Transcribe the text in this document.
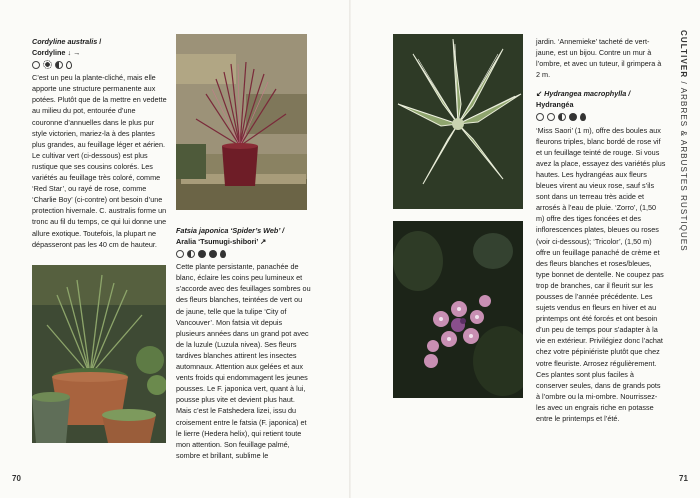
Cordyline australis /
Cordyline ↓ →

C’est un peu la plante-cliché, mais elle apporte une structure permanente aux potées. Plutôt que de la mettre en vedette au milieu du pot, entourée d’une couronne d’annuelles dans le plus pur style victorien, mariez-la à des plantes plus grandes, au feuillage léger et aérien. Le cultivar vert (ci-dessous) est plus rustique que ses cousins colorés. Les variétés au feuillage très coloré, comme ‘Red Star’, ou rayé de rose, comme ‘Charlie Boy’ (ci-contre) ont besoin d’une protection hivernale. C. australis forme un tronc au fil du temps, ce qui lui donne une allure exotique. Toutefois, la plupart ne dépasseront pas les 40 cm de hauteur.

Fatsia japonica ‘Spider’s Web’ /
Aralia ‘Tsumugi-shibori’ ↗

Cette plante persistante, panachée de blanc, éclaire les coins peu lumineux et s’accorde avec des feuillages sombres ou des fleurs blanches, teintées de vert ou de jaune, telle que la tulipe ‘City of Vancouver’. Mon fatsia vit depuis plusieurs années dans un grand pot avec de la luzule (Luzula nivea). Ses fleurs tardives blanches attirent les insectes automnaux. Attention aux gelées et aux vents froids qui endommagent les jeunes pousses. Le F. japonica vert, quant à lui, pousse plus vite et devient plus haut. Mais c’est le Fatshedera lizei, issu du croisement entre le fatsia (F. japonica) et le lierre (Hedera helix), qui retient toute mon attention. Son feuillage palmé, sombre et brillant, sublime le

70

jardin. ‘Annemieke’ tacheté de vert-jaune, est un bijou. Contre un mur à l’ombre, et avec un tuteur, il grimpera à 2 m.

↙ Hydrangea macrophylla /
Hydrangéa

‘Miss Saori’ (1 m), offre des boules aux fleurons triples, blanc bordé de rose vif et un feuillage teinté de rouge. Si vous avez la place, essayez des variétés plus hautes. Les hydrangéas aux fleurs bleues virent au vieux rose, sauf s’ils sont dans un terreau très acide et arrosés à l’eau de pluie. ‘Zorro’, (1,50 m) offre des tiges foncées et des inflorescences plates, bleues ou roses (voir ci-dessous); ‘Tricolor’, (1,50 m) offre un feuillage panaché de crème et des fleurs blanches et roses/bleues, type bonnet de dentelle. Ne coupez pas trop de branches, car il fleurit sur les pousses de l’année précédente. Les sujets vendus en fleurs en hiver et au printemps ont été forcés et ont besoin d’un peu de temps pour s’adapter à la vie en extérieur. Privilégiez donc l’achat chez votre pépiniériste plutôt que chez votre fleuriste. Arrosez régulièrement. Ces plantes sont plus faciles à conserver seules, dans de grands pots à l’ombre ou la mi-ombre. Nourrissez-les avec un engrais riche en potasse entre le printemps et l’été.

CULTIVER / ARBRES & ARBUSTES RUSTIQUES
71
